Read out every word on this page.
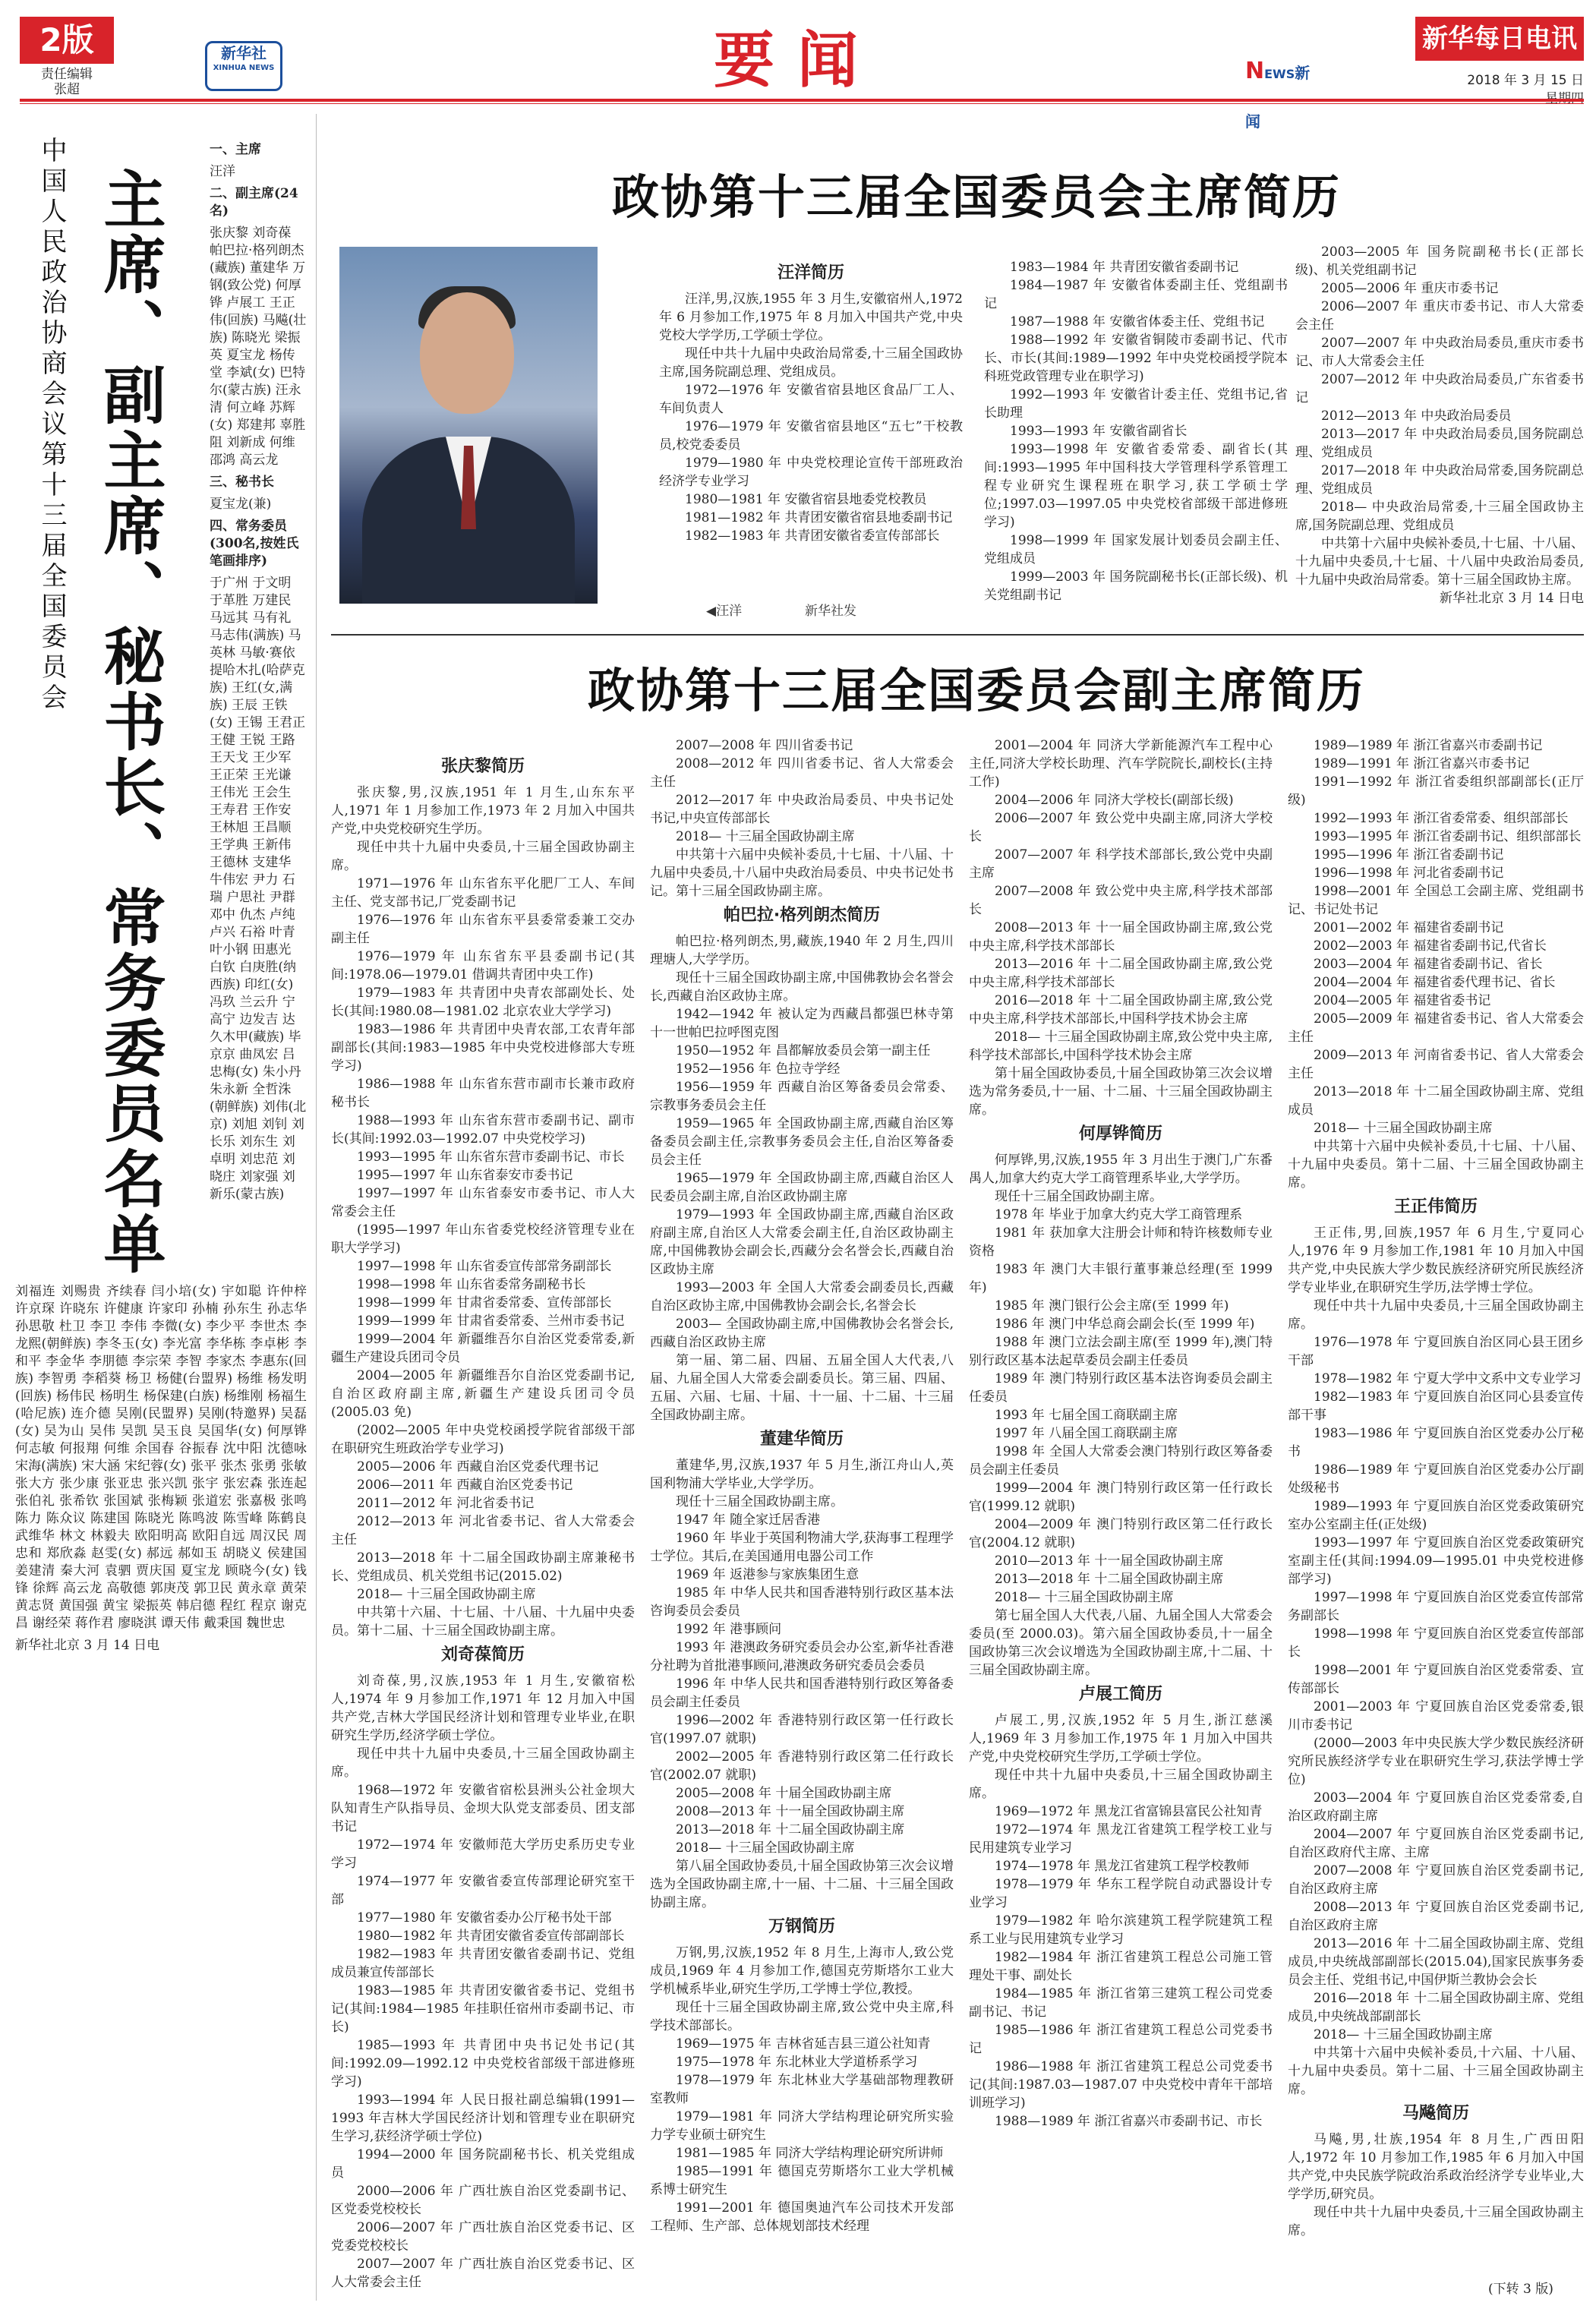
2版
责任编辑
张超
新华社
XINHUA NEWS	要闻	NEWS新闻
新华每日电讯
2018 年 3 月 15 日
中国人民政治协商会议第十三届全国委员会 主席、副主席、秘书长、常务委员名单

一、主席

汪洋

二、副主席(24名)

张庆黎 刘奇葆 帕巴拉·格列朗杰(藏族) 董建华 万钢(致公党) 何厚铧 卢展工 王正伟(回族) 马飚(壮族) 陈晓光 梁振英 夏宝龙 杨传堂 李斌(女) 巴特尔(蒙古族) 汪永清 何立峰 苏辉(女) 郑建邦 辜胜阻 刘新成 何维 邵鸿 高云龙

三、秘书长

夏宝龙(兼)

四、常务委员(300名,按姓氏笔画排序)

于广州 于文明 于革胜 万建民 马远其 马有礼 马志伟(满族) 马英林 马敏·赛依提哈木扎(哈萨克族) 王红(女,满族) 王辰 王铁(女) 王锡 王君正 王健 王锐 王路 王天戈 王少军 王正荣 王光谦 王伟光 王会生 王寿君 王作安 王林旭 王昌顺 王学典 王新伟 王德林 支建华 牛伟宏 尹力 石瑞 户思社 尹群 邓中 仇杰 卢纯 卢兴 石裕 叶青 叶小钢 田惠光 白钦 白庚胜(纳西族) 印红(女) 冯玖 兰云升 宁高宁 边发吉 达久木甲(藏族) 毕京京 曲凤宏 吕忠梅(女) 朱小丹 朱永新 全哲洙(朝鲜族) 刘伟(北京) 刘旭 刘钊 刘长乐 刘东生 刘卓明 刘忠范 刘晓庄 刘家强 刘新乐(蒙古族)

刘福连 刘赐贵 齐续春 闫小培(女) 宇如聪 许仲梓 许京琛 许晓东 许健康 许家印 孙楠 孙东生 孙志华 孙思敬 杜卫 李卫 李伟 李微(女) 李少平 李世杰 李龙熙(朝鲜族) 李冬玉(女) 李光富 李华栋 李卓彬 李和平 李金华 李朋德 李宗荣 李智 李家杰 李惠东(回族) 李智勇 李稻葵 杨卫 杨健(台盟界) 杨维 杨发明(回族) 杨伟民 杨明生 杨保建(白族) 杨维刚 杨福生(哈尼族) 连介德 吴刚(民盟界) 吴刚(特邀界) 吴磊(女) 吴为山 吴伟 吴凯 吴玉良 吴国华(女) 何厚铧 何志敏 何报翔 何维 余国春 谷振春 沈中阳 沈德咏 宋海(满族) 宋大涵 宋纪蓉(女) 张平 张杰 张勇 张敏 张大方 张少康 张亚忠 张兴凯 张宇 张宏森 张连起 张伯礼 张希钦 张国斌 张梅颖 张道宏 张嘉极 张鸣 陈力 陈众议 陈建国 陈晓光 陈鸣波 陈雪峰 陈鹤良 武维华 林文 林毅夫 欧阳明高 欧阳自远 周汉民 周忠和 郑欣淼 赵雯(女) 郝远 郝如玉 胡晓义 侯建国 姜建清 秦大河 袁驷 贾庆国 夏宝龙 顾晓今(女) 钱锋 徐辉 高云龙 高敬德 郭庚茂 郭卫民 黄永章 黄荣 黄志贤 黄国强 黄宝 梁振英 韩启德 程红 程京 谢克昌 谢经荣 蒋作君 廖晓淇 谭天伟 戴秉国 魏世忠
新华社北京 3 月 14 日电
政协第十三届全国委员会主席简历
◀汪洋	新华社发
汪洋简历

汪洋,男,汉族,1955 年 3 月生,安徽宿州人,1972 年 6 月参加工作,1975 年 8 月加入中国共产党,中央党校大学学历,工学硕士学位。

现任中共十九届中央政治局常委,十三届全国政协主席,国务院副总理、党组成员。

1972—1976 年 安徽省宿县地区食品厂工人、车间负责人

1976—1979 年 安徽省宿县地区“五七”干校教员,校党委委员

1979—1980 年 中央党校理论宣传干部班政治经济学专业学习

1980—1981 年 安徽省宿县地委党校教员

1981—1982 年 共青团安徽省宿县地委副书记

1982—1983 年 共青团安徽省委宣传部部长

1983—1984 年 共青团安徽省委副书记

1984—1987 年 安徽省体委副主任、党组副书记

1987—1988 年 安徽省体委主任、党组书记

1988—1992 年 安徽省铜陵市委副书记、代市长、市长(其间:1989—1992 年中央党校函授学院本科班党政管理专业在职学习)

1992—1993 年 安徽省计委主任、党组书记,省长助理

1993—1993 年 安徽省副省长

1993—1998 年 安徽省委常委、副省长(其间:1993—1995 年中国科技大学管理科学系管理工程专业研究生课程班在职学习,获工学硕士学位;1997.03—1997.05 中央党校省部级干部进修班学习)

1998—1999 年 国家发展计划委员会副主任、党组成员

1999—2003 年 国务院副秘书长(正部长级)、机关党组副书记

2003—2005 年 国务院副秘书长(正部长级)、机关党组副书记

2005—2006 年 重庆市委书记

2006—2007 年 重庆市委书记、市人大常委会主任

2007—2007 年 中央政治局委员,重庆市委书记、市人大常委会主任

2007—2012 年 中央政治局委员,广东省委书记

2012—2013 年 中央政治局委员

2013—2017 年 中央政治局委员,国务院副总理、党组成员

2017—2018 年 中央政治局常委,国务院副总理、党组成员

2018— 中央政治局常委,十三届全国政协主席,国务院副总理、党组成员

中共第十六届中央候补委员,十七届、十八届、十九届中央委员,十七届、十八届中央政治局委员,十九届中央政治局常委。第十三届全国政协主席。

新华社北京 3 月 14 日电

政协第十三届全国委员会副主席简历
张庆黎简历

张庆黎,男,汉族,1951 年 1 月生,山东东平人,1971 年 1 月参加工作,1973 年 2 月加入中国共产党,中央党校研究生学历。

现任中共十九届中央委员,十三届全国政协副主席。

1971—1976 年 山东省东平化肥厂工人、车间主任、党支部书记,厂党委副书记

1976—1976 年 山东省东平县委常委兼工交办副主任

1976—1979 年 山东省东平县委副书记(其间:1978.06—1979.01 借调共青团中央工作)

1979—1983 年 共青团中央青农部副处长、处长(其间:1980.08—1981.02 北京农业大学学习)

1983—1986 年 共青团中央青农部,工农青年部副部长(其间:1983—1985 年中央党校进修部大专班学习)

1986—1988 年 山东省东营市副市长兼市政府秘书长

1988—1993 年 山东省东营市委副书记、副市长(其间:1992.03—1992.07 中央党校学习)

1993—1995 年 山东省东营市委副书记、市长

1995—1997 年 山东省泰安市委书记

1997—1997 年 山东省泰安市委书记、市人大常委会主任

(1995—1997 年山东省委党校经济管理专业在职大学学习)

1997—1998 年 山东省委宣传部常务副部长

1998—1998 年 山东省委常务副秘书长

1998—1999 年 甘肃省委常委、宣传部部长

1999—1999 年 甘肃省委常委、兰州市委书记

1999—2004 年 新疆维吾尔自治区党委常委,新疆生产建设兵团司令员

2004—2005 年 新疆维吾尔自治区党委副书记,自治区政府副主席,新疆生产建设兵团司令员(2005.03 免)

(2002—2005 年中央党校函授学院省部级干部在职研究生班政治学专业学习)

2005—2006 年 西藏自治区党委代理书记

2006—2011 年 西藏自治区党委书记

2011—2012 年 河北省委书记

2012—2013 年 河北省委书记、省人大常委会主任

2013—2018 年 十二届全国政协副主席兼秘书长、党组成员、机关党组书记(2015.02)

2018— 十三届全国政协副主席

中共第十六届、十七届、十八届、十九届中央委员。第十二届、十三届全国政协副主席。

刘奇葆简历

刘奇葆,男,汉族,1953 年 1 月生,安徽宿松人,1974 年 9 月参加工作,1971 年 12 月加入中国共产党,吉林大学国民经济计划和管理专业毕业,在职研究生学历,经济学硕士学位。

现任中共十九届中央委员,十三届全国政协副主席。

1968—1972 年 安徽省宿松县洲头公社金坝大队知青生产队指导员、金坝大队党支部委员、团支部书记

1972—1974 年 安徽师范大学历史系历史专业学习

1974—1977 年 安徽省委宣传部理论研究室干部

1977—1980 年 安徽省委办公厅秘书处干部

1980—1982 年 共青团安徽省委宣传部副部长

1982—1983 年 共青团安徽省委副书记、党组成员兼宣传部部长

1983—1985 年 共青团安徽省委书记、党组书记(其间:1984—1985 年挂职任宿州市委副书记、市长)

1985—1993 年 共青团中央书记处书记(其间:1992.09—1992.12 中央党校省部级干部进修班学习)

1993—1994 年 人民日报社副总编辑(1991—1993 年吉林大学国民经济计划和管理专业在职研究生学习,获经济学硕士学位)

1994—2000 年 国务院副秘书长、机关党组成员

2000—2006 年 广西壮族自治区党委副书记、区党委党校校长

2006—2007 年 广西壮族自治区党委书记、区党委党校校长

2007—2007 年 广西壮族自治区党委书记、区人大常委会主任

2007—2008 年 四川省委书记

2008—2012 年 四川省委书记、省人大常委会主任

2012—2017 年 中央政治局委员、中央书记处书记,中央宣传部部长

2018— 十三届全国政协副主席

中共第十六届中央候补委员,十七届、十八届、十九届中央委员,十八届中央政治局委员、中央书记处书记。第十三届全国政协副主席。

帕巴拉·格列朗杰简历

帕巴拉·格列朗杰,男,藏族,1940 年 2 月生,四川理塘人,大学学历。

现任十三届全国政协副主席,中国佛教协会名誉会长,西藏自治区政协主席。

1942—1942 年 被认定为西藏昌都强巴林寺第十一世帕巴拉呼图克图

1950—1952 年 昌都解放委员会第一副主任

1952—1956 年 色拉寺学经

1956—1959 年 西藏自治区筹备委员会常委、宗教事务委员会主任

1959—1965 年 全国政协副主席,西藏自治区筹备委员会副主任,宗教事务委员会主任,自治区筹备委员会主任

1965—1979 年 全国政协副主席,西藏自治区人民委员会副主席,自治区政协副主席

1979—1993 年 全国政协副主席,西藏自治区政府副主席,自治区人大常委会副主任,自治区政协副主席,中国佛教协会副会长,西藏分会名誉会长,西藏自治区政协主席

1993—2003 年 全国人大常委会副委员长,西藏自治区政协主席,中国佛教协会副会长,名誉会长

2003— 全国政协副主席,中国佛教协会名誉会长,西藏自治区政协主席

第一届、第二届、四届、五届全国人大代表,八届、九届全国人大常委会副委员长。第三届、四届、五届、六届、七届、十届、十一届、十二届、十三届全国政协副主席。

董建华简历

董建华,男,汉族,1937 年 5 月生,浙江舟山人,英国利物浦大学毕业,大学学历。

现任十三届全国政协副主席。

1947 年 随全家迁居香港

1960 年 毕业于英国利物浦大学,获海事工程理学士学位。其后,在美国通用电器公司工作

1969 年 返港参与家族集团生意

1985 年 中华人民共和国香港特别行政区基本法咨询委员会委员

1992 年 港事顾问

1993 年 港澳政务研究委员会办公室,新华社香港分社聘为首批港事顾问,港澳政务研究委员会委员

1996 年 中华人民共和国香港特别行政区筹备委员会副主任委员

1996—2002 年 香港特别行政区第一任行政长官(1997.07 就职)

2002—2005 年 香港特别行政区第二任行政长官(2002.07 就职)

2005—2008 年 十届全国政协副主席

2008—2013 年 十一届全国政协副主席

2013—2018 年 十二届全国政协副主席

2018— 十三届全国政协副主席

第八届全国政协委员,十届全国政协第三次会议增选为全国政协副主席,十一届、十二届、十三届全国政协副主席。

万钢简历

万钢,男,汉族,1952 年 8 月生,上海市人,致公党成员,1969 年 4 月参加工作,德国克劳斯塔尔工业大学机械系毕业,研究生学历,工学博士学位,教授。

现任十三届全国政协副主席,致公党中央主席,科学技术部部长。

1969—1975 年 吉林省延吉县三道公社知青

1975—1978 年 东北林业大学道桥系学习

1978—1979 年 东北林业大学基础部物理教研室教师

1979—1981 年 同济大学结构理论研究所实验力学专业硕士研究生

1981—1985 年 同济大学结构理论研究所讲师

1985—1991 年 德国克劳斯塔尔工业大学机械系博士研究生

1991—2001 年 德国奥迪汽车公司技术开发部工程师、生产部、总体规划部技术经理

2001—2004 年 同济大学新能源汽车工程中心主任,同济大学校长助理、汽车学院院长,副校长(主持工作)

2004—2006 年 同济大学校长(副部长级)

2006—2007 年 致公党中央副主席,同济大学校长

2007—2007 年 科学技术部部长,致公党中央副主席

2007—2008 年 致公党中央主席,科学技术部部长

2008—2013 年 十一届全国政协副主席,致公党中央主席,科学技术部部长

2013—2016 年 十二届全国政协副主席,致公党中央主席,科学技术部部长

2016—2018 年 十二届全国政协副主席,致公党中央主席,科学技术部部长,中国科学技术协会主席

2018— 十三届全国政协副主席,致公党中央主席,科学技术部部长,中国科学技术协会主席

第十届全国政协委员,十届全国政协第三次会议增选为常务委员,十一届、十二届、十三届全国政协副主席。

何厚铧简历

何厚铧,男,汉族,1955 年 3 月出生于澳门,广东番禺人,加拿大约克大学工商管理系毕业,大学学历。

现任十三届全国政协副主席。

1978 年 毕业于加拿大约克大学工商管理系

1981 年 获加拿大注册会计师和特许核数师专业资格

1983 年 澳门大丰银行董事兼总经理(至 1999 年)

1985 年 澳门银行公会主席(至 1999 年)

1986 年 澳门中华总商会副会长(至 1999 年)

1988 年 澳门立法会副主席(至 1999 年),澳门特别行政区基本法起草委员会副主任委员

1989 年 澳门特别行政区基本法咨询委员会副主任委员

1993 年 七届全国工商联副主席

1997 年 八届全国工商联副主席

1998 年 全国人大常委会澳门特别行政区筹备委员会副主任委员

1999—2004 年 澳门特别行政区第一任行政长官(1999.12 就职)

2004—2009 年 澳门特别行政区第二任行政长官(2004.12 就职)

2010—2013 年 十一届全国政协副主席

2013—2018 年 十二届全国政协副主席

2018— 十三届全国政协副主席

第七届全国人大代表,八届、九届全国人大常委会委员(至 2000.03)。第六届全国政协委员,十一届全国政协第三次会议增选为全国政协副主席,十二届、十三届全国政协副主席。

卢展工简历

卢展工,男,汉族,1952 年 5 月生,浙江慈溪人,1969 年 3 月参加工作,1975 年 1 月加入中国共产党,中央党校研究生学历,工学硕士学位。

现任中共十九届中央委员,十三届全国政协副主席。

1969—1972 年 黑龙江省富锦县富民公社知青

1972—1974 年 黑龙江省建筑工程学校工业与民用建筑专业学习

1974—1978 年 黑龙江省建筑工程学校教师

1978—1979 年 华东工程学院自动武器设计专业学习

1979—1982 年 哈尔滨建筑工程学院建筑工程系工业与民用建筑专业学习

1982—1984 年 浙江省建筑工程总公司施工管理处干事、副处长

1984—1985 年 浙江省第三建筑工程公司党委副书记、书记

1985—1986 年 浙江省建筑工程总公司党委书记

1986—1988 年 浙江省建筑工程总公司党委书记(其间:1987.03—1987.07 中央党校中青年干部培训班学习)

1988—1989 年 浙江省嘉兴市委副书记、市长

1989—1989 年 浙江省嘉兴市委副书记

1989—1991 年 浙江省嘉兴市委书记

1991—1992 年 浙江省委组织部副部长(正厅级)

1992—1993 年 浙江省委常委、组织部部长

1993—1995 年 浙江省委副书记、组织部部长

1995—1996 年 浙江省委副书记

1996—1998 年 河北省委副书记

1998—2001 年 全国总工会副主席、党组副书记、书记处书记

2001—2002 年 福建省委副书记

2002—2003 年 福建省委副书记,代省长

2003—2004 年 福建省委副书记、省长

2004—2004 年 福建省委代理书记、省长

2004—2005 年 福建省委书记

2005—2009 年 福建省委书记、省人大常委会主任

2009—2013 年 河南省委书记、省人大常委会主任

2013—2018 年 十二届全国政协副主席、党组成员

2018— 十三届全国政协副主席

中共第十六届中央候补委员,十七届、十八届、十九届中央委员。第十二届、十三届全国政协副主席。

王正伟简历

王正伟,男,回族,1957 年 6 月生,宁夏同心人,1976 年 9 月参加工作,1981 年 10 月加入中国共产党,中央民族大学少数民族经济研究所民族经济学专业毕业,在职研究生学历,法学博士学位。

现任中共十九届中央委员,十三届全国政协副主席。

1976—1978 年 宁夏回族自治区同心县王团乡干部

1978—1982 年 宁夏大学中文系中文专业学习

1982—1983 年 宁夏回族自治区同心县委宣传部干事

1983—1986 年 宁夏回族自治区党委办公厅秘书

1986—1989 年 宁夏回族自治区党委办公厅副处级秘书

1989—1993 年 宁夏回族自治区党委政策研究室办公室副主任(正处级)

1993—1997 年 宁夏回族自治区党委政策研究室副主任(其间:1994.09—1995.01 中央党校进修部学习)

1997—1998 年 宁夏回族自治区党委宣传部常务副部长

1998—1998 年 宁夏回族自治区党委宣传部部长

1998—2001 年 宁夏回族自治区党委常委、宣传部部长

2001—2003 年 宁夏回族自治区党委常委,银川市委书记

(2000—2003 年中央民族大学少数民族经济研究所民族经济学专业在职研究生学习,获法学博士学位)

2003—2004 年 宁夏回族自治区党委常委,自治区政府副主席

2004—2007 年 宁夏回族自治区党委副书记,自治区政府代主席、主席

2007—2008 年 宁夏回族自治区党委副书记,自治区政府主席

2008—2013 年 宁夏回族自治区党委副书记,自治区政府主席

2013—2016 年 十二届全国政协副主席、党组成员,中央统战部副部长(2015.04),国家民族事务委员会主任、党组书记,中国伊斯兰教协会会长

2016—2018 年 十二届全国政协副主席、党组成员,中央统战部副部长

2018— 十三届全国政协副主席

中共第十六届中央候补委员,十六届、十八届、十九届中央委员。第十二届、十三届全国政协副主席。

马飚简历

马飚,男,壮族,1954 年 8 月生,广西田阳人,1972 年 10 月参加工作,1985 年 6 月加入中国共产党,中央民族学院政治系政治经济学专业毕业,大学学历,研究员。

现任中共十九届中央委员,十三届全国政协副主席。

(下转 3 版)
